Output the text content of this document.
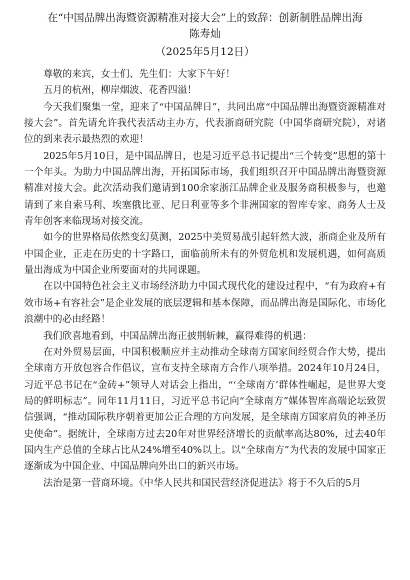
在“中国品牌出海暨资源精准对接大会”上的致辞：创新制胜品牌出海
陈寿灿
（2025年5月12日）

尊敬的来宾，女士们、先生们：大家下午好！

五月的杭州，柳岸烟波、花香四溢！

今天我们聚集一堂，迎来了“中国品牌日”，共同出席“中国品牌出海暨资源精准对接大会”。首先请允许我代表活动主办方，代表浙商研究院（中国华商研究院），对诸位的到来表示最热烈的欢迎！

2025年5月10日，是中国品牌日，也是习近平总书记提出“三个转变”思想的第十一个年头。为助力中国品牌出海，开拓国际市场，我们组织召开中国品牌出海暨资源精准对接大会。此次活动我们邀请到100余家浙江品牌企业及服务商积极参与，也邀请到了来自索马利、埃塞俄比亚、尼日利亚等多个非洲国家的智库专家、商务人士及青年创客来临现场对接交流。

如今的世界格局依然变幻莫测，2025中美贸易战引起轩然大波，浙商企业及所有中国企业，正走在历史的十字路口，面临前所未有的外贸危机和发展机遇，如何高质量出海成为中国企业所要面对的共同课题。

在以中国特色社会主义市场经济助力中国式现代化的建设过程中，“有为政府+有效市场+有容社会”是企业发展的底层逻辑和基本保障，而品牌出海是国际化、市场化浪潮中的必由经路！

我们欣喜地看到，中国品牌出海正披荆斩棘，赢得难得的机遇：

在对外贸易层面，中国积极顺应并主动推动全球南方国家间经贸合作大势，提出全球南方开放包容合作倡议，宣布支持全球南方合作八项举措。2024年10月24日，习近平总书记在“金砖+”领导人对话会上指出，“‘全球南方’群体性崛起，是世界大变局的鲜明标志”。同年11月11日，习近平总书记向“全球南方”媒体智库高端论坛致贺信强调，“推动国际秩序朝着更加公正合理的方向发展，是全球南方国家肩负的神圣历史使命”。据统计，全球南方过去20年对世界经济增长的贡献率高达80%，过去40年国内生产总值的全球占比从24%增至40%以上。以“全球南方”为代表的发展中国家正逐渐成为中国企业、中国品牌向外出口的新兴市场。

法治是第一营商环境。《中华人民共和国民营经济促进法》将于不久后的5月
